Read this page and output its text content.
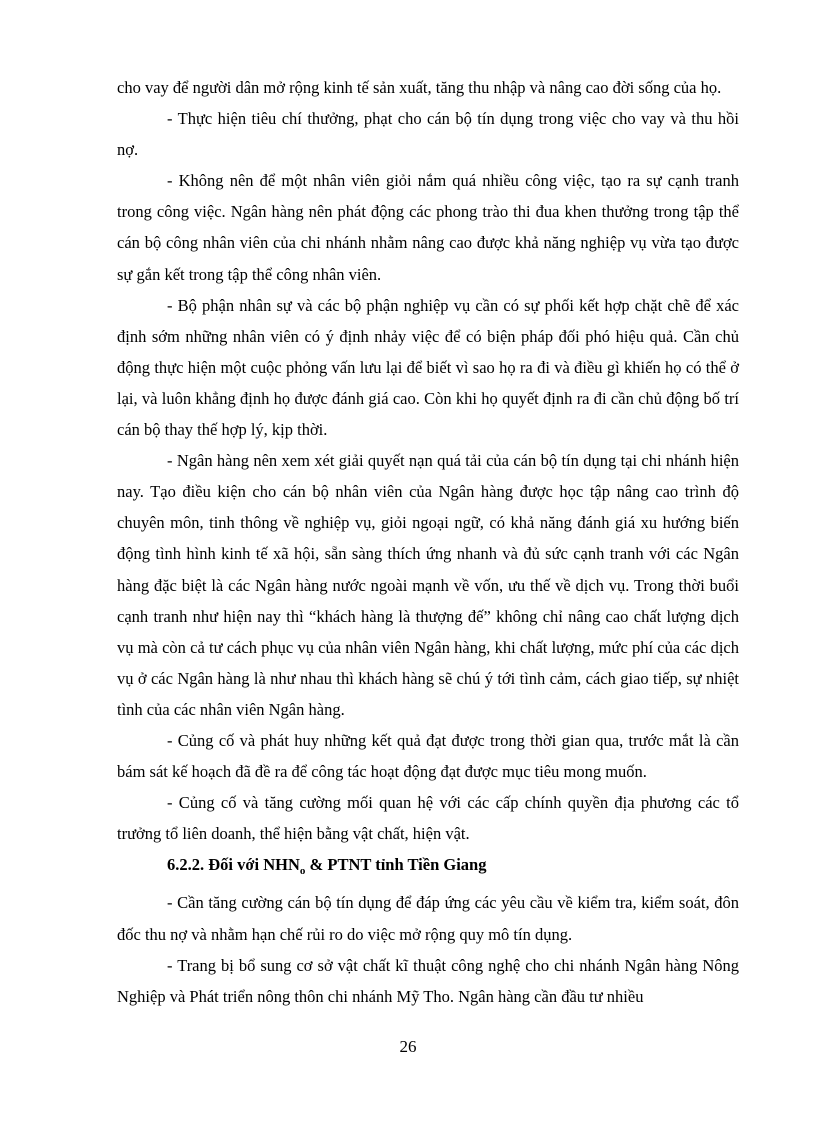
cho vay để người dân mở rộng kinh tế sản xuất, tăng thu nhập và nâng cao đời sống của họ.

- Thực hiện tiêu chí thưởng, phạt cho cán bộ tín dụng trong việc cho vay và thu hồi nợ.

- Không nên để một nhân viên giỏi nắm quá nhiều công việc, tạo ra sự cạnh tranh trong công việc. Ngân hàng nên phát động các phong trào thi đua khen thưởng trong tập thể cán bộ công nhân viên của chi nhánh nhằm nâng cao được khả năng nghiệp vụ vừa tạo được sự gắn kết trong tập thể công nhân viên.

- Bộ phận nhân sự và các bộ phận nghiệp vụ cần có sự phối kết hợp chặt chẽ để xác định sớm những nhân viên có ý định nhảy việc để có biện pháp đối phó hiệu quả. Cần chủ động thực hiện một cuộc phỏng vấn lưu lại để biết vì sao họ ra đi và điều gì khiến họ có thể ở lại, và luôn khẳng định họ được đánh giá cao. Còn khi họ quyết định ra đi cần chủ động bố trí cán bộ thay thế hợp lý, kịp thời.

- Ngân hàng nên xem xét giải quyết nạn quá tải của cán bộ tín dụng tại chi nhánh hiện nay. Tạo điều kiện cho cán bộ nhân viên của Ngân hàng được học tập nâng cao trình độ chuyên môn, tinh thông về nghiệp vụ, giỏi ngoại ngữ, có khả năng đánh giá xu hướng biến động tình hình kinh tế xã hội, sẵn sàng thích ứng nhanh và đủ sức cạnh tranh với các Ngân hàng đặc biệt là các Ngân hàng nước ngoài mạnh về vốn, ưu thế về dịch vụ. Trong thời buổi cạnh tranh như hiện nay thì “khách hàng là thượng đế” không chỉ nâng cao chất lượng dịch vụ mà còn cả tư cách phục vụ của nhân viên Ngân hàng, khi chất lượng, mức phí của các dịch vụ ở các Ngân hàng là như nhau thì khách hàng sẽ chú ý tới tình cảm, cách giao tiếp, sự nhiệt tình của các nhân viên Ngân hàng.

- Củng cố và phát huy những kết quả đạt được trong thời gian qua, trước mắt là cần bám sát kế hoạch đã đề ra để công tác hoạt động đạt được mục tiêu mong muốn.

- Củng cố và tăng cường mối quan hệ với các cấp chính quyền địa phương các tổ trưởng tổ liên doanh, thể hiện bằng vật chất, hiện vật.

6.2.2. Đối với $NHN_o$ & PTNT tỉnh Tiền Giang

- Cần tăng cường cán bộ tín dụng để đáp ứng các yêu cầu về kiểm tra, kiểm soát, đôn đốc thu nợ và nhằm hạn chế rủi ro do việc mở rộng quy mô tín dụng.

- Trang bị bổ sung cơ sở vật chất kĩ thuật công nghệ cho chi nhánh Ngân hàng Nông Nghiệp và Phát triển nông thôn chi nhánh Mỹ Tho. Ngân hàng cần đầu tư nhiều

26
